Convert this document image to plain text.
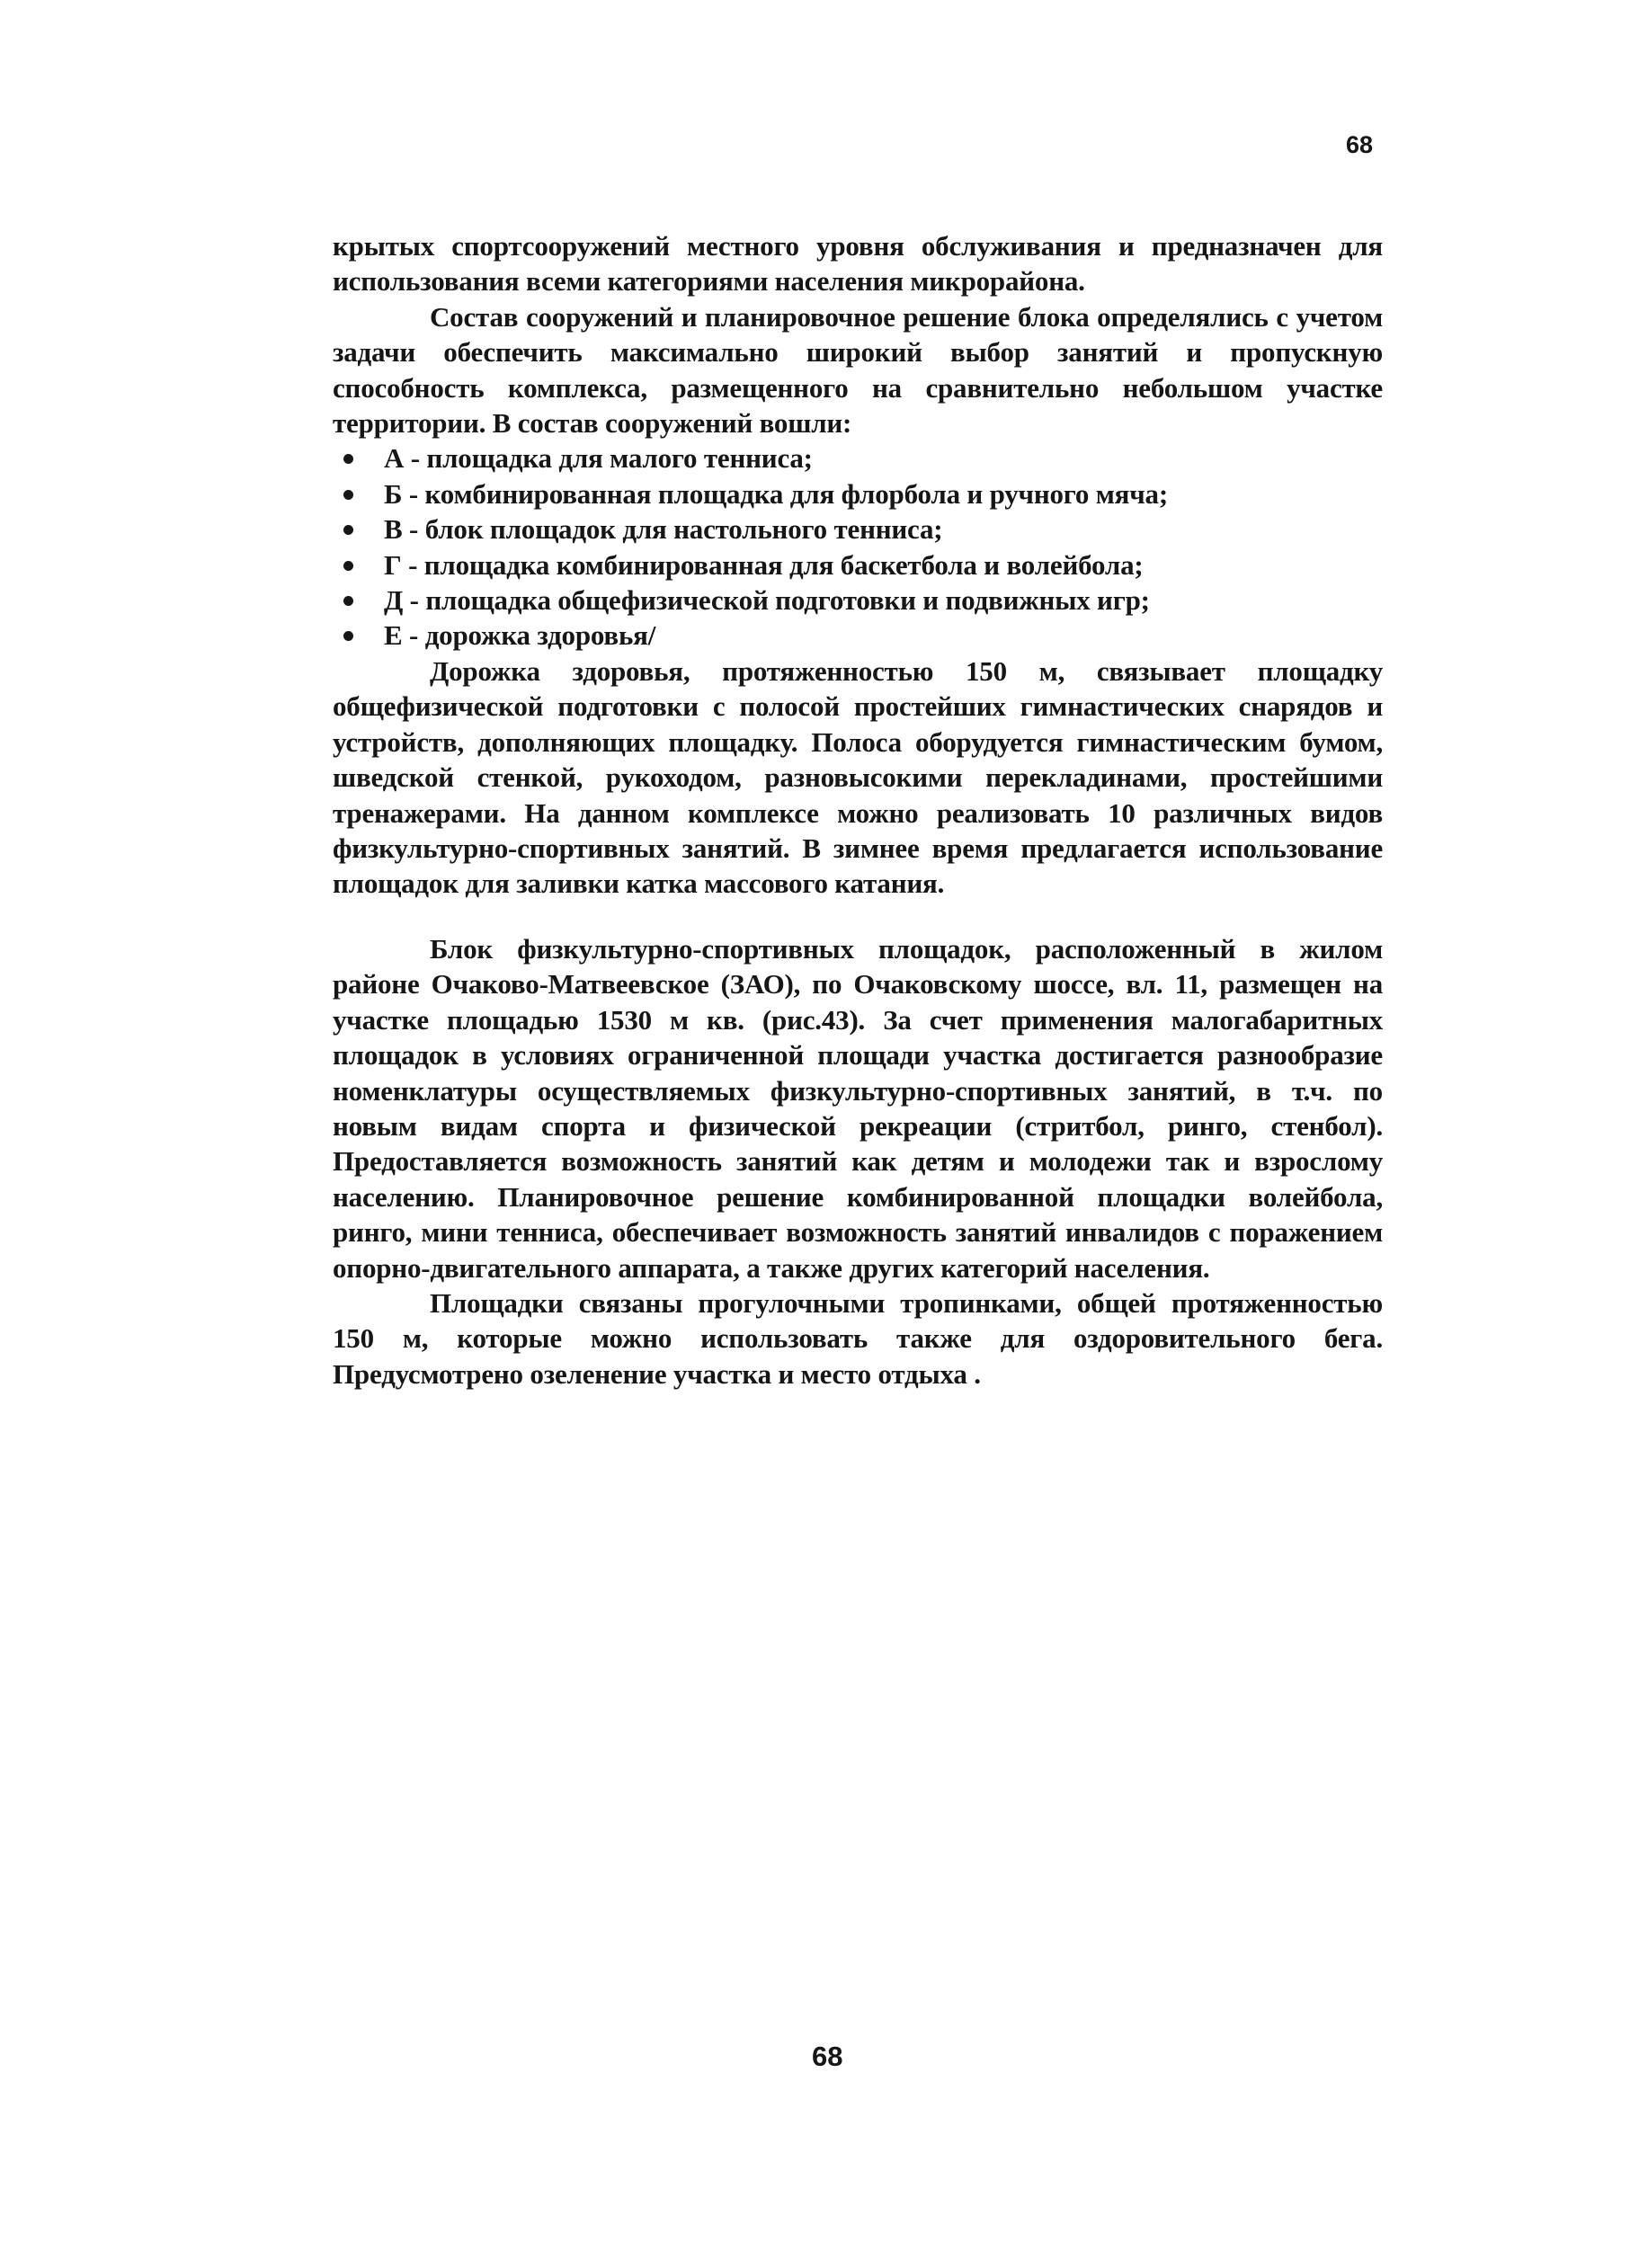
68

крытых спортсооружений местного уровня обслуживания и предназначен для использования всеми категориями населения микрорайона.

Состав сооружений и планировочное решение блока определялись с учетом задачи обеспечить максимально широкий выбор занятий и пропускную способность комплекса, размещенного на сравнительно небольшом участке территории. В состав сооружений вошли:

А - площадка для малого тенниса;
Б - комбинированная площадка для флорбола и ручного мяча;
В - блок площадок для настольного тенниса;
Г - площадка комбинированная для баскетбола и волейбола;
Д - площадка общефизической подготовки и подвижных игр;
Е - дорожка здоровья/

Дорожка здоровья, протяженностью 150 м, связывает площадку общефизической подготовки с полосой простейших гимнастических снарядов и устройств, дополняющих площадку. Полоса оборудуется гимнастическим бумом, шведской стенкой, рукоходом, разновысокими перекладинами, простейшими тренажерами. На данном комплексе можно реализовать 10 различных видов физкультурно-спортивных занятий. В зимнее время предлагается использование площадок для заливки катка массового катания.

Блок физкультурно-спортивных площадок, расположенный в жилом районе Очаково-Матвеевское (ЗАО), по Очаковскому шоссе, вл. 11, размещен на участке площадью 1530 м кв. (рис.43). За счет применения малогабаритных площадок в условиях ограниченной площади участка достигается разнообразие номенклатуры осуществляемых физкультурно-спортивных занятий, в т.ч. по новым видам спорта и физической рекреации (стритбол, ринго, стенбол). Предоставляется возможность занятий как детям и молодежи так и взрослому населению. Планировочное решение комбинированной площадки волейбола, ринго, мини тенниса, обеспечивает возможность занятий инвалидов с поражением опорно-двигательного аппарата, а также других категорий населения.

Площадки связаны прогулочными тропинками, общей протяженностью 150 м, которые можно использовать также для оздоровительного бега. Предусмотрено озеленение участка и место отдыха .

68
